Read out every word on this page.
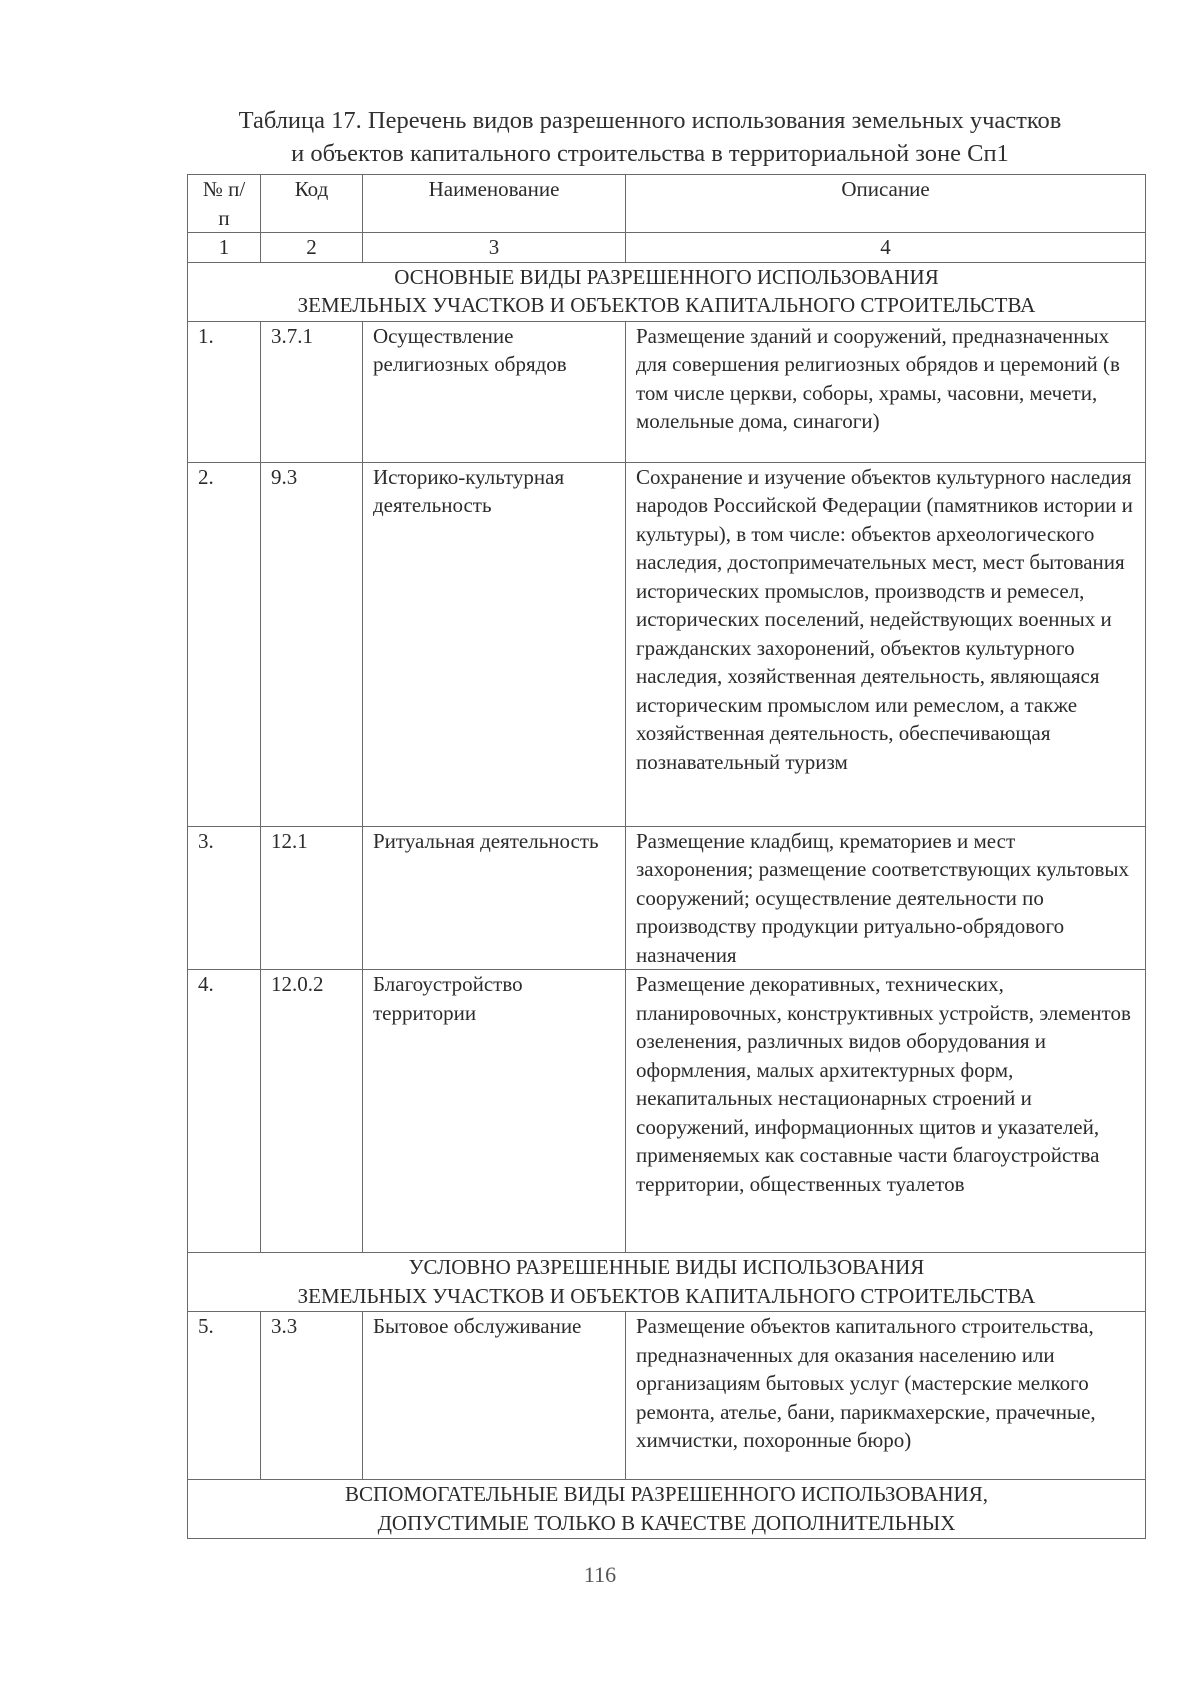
Таблица 17. Перечень видов разрешенного использования земельных участков
и объектов капитального строительства в территориальной зоне Сп1
№ п/п	Код	Наименование	Описание
1	2	3	4

ОСНОВНЫЕ ВИДЫ РАЗРЕШЕННОГО ИСПОЛЬЗОВАНИЯ
ЗЕМЕЛЬНЫХ УЧАСТКОВ И ОБЪЕКТОВ КАПИТАЛЬНОГО СТРОИТЕЛЬСТВА			

1.	3.7.1	Осуществление религиозных обрядов	Размещение зданий и сооружений, предназначенных для совершения религиозных обрядов и церемоний (в том числе церкви, соборы, храмы, часовни, мечети, молельные дома, синагоги)
2.	9.3	Историко-культурная деятельность	Сохранение и изучение объектов культурного наследия народов Российской Федерации (памятников истории и культуры), в том числе: объектов археологического наследия, достопримечательных мест, мест бытования исторических промыслов, производств и ремесел, исторических поселений, недействующих военных и гражданских захоронений, объектов культурного наследия, хозяйственная деятельность, являющаяся историческим промыслом или ремеслом, а также хозяйственная деятельность, обеспечивающая познавательный туризм
3.	12.1	Ритуальная деятельность	Размещение кладбищ, крематориев и мест захоронения; размещение соответствующих культовых сооружений; осуществление деятельности по производству продукции ритуально-обрядового назначения
4.	12.0.2	Благоустройство территории	Размещение декоративных, технических, планировочных, конструктивных устройств, элементов озеленения, различных видов оборудования и оформления, малых архитектурных форм, некапитальных нестационарных строений и сооружений, информационных щитов и указателей, применяемых как составные части благоустройства территории, общественных туалетов

УСЛОВНО РАЗРЕШЕННЫЕ ВИДЫ ИСПОЛЬЗОВАНИЯ
ЗЕМЕЛЬНЫХ УЧАСТКОВ И ОБЪЕКТОВ КАПИТАЛЬНОГО СТРОИТЕЛЬСТВА			

5.	3.3	Бытовое обслуживание	Размещение объектов капитального строительства, предназначенных для оказания населению или организациям бытовых услуг (мастерские мелкого ремонта, ателье, бани, парикмахерские, прачечные, химчистки, похоронные бюро)

ВСПОМОГАТЕЛЬНЫЕ ВИДЫ РАЗРЕШЕННОГО ИСПОЛЬЗОВАНИЯ,
ДОПУСТИМЫЕ ТОЛЬКО В КАЧЕСТВЕ ДОПОЛНИТЕЛЬНЫХ			
116
